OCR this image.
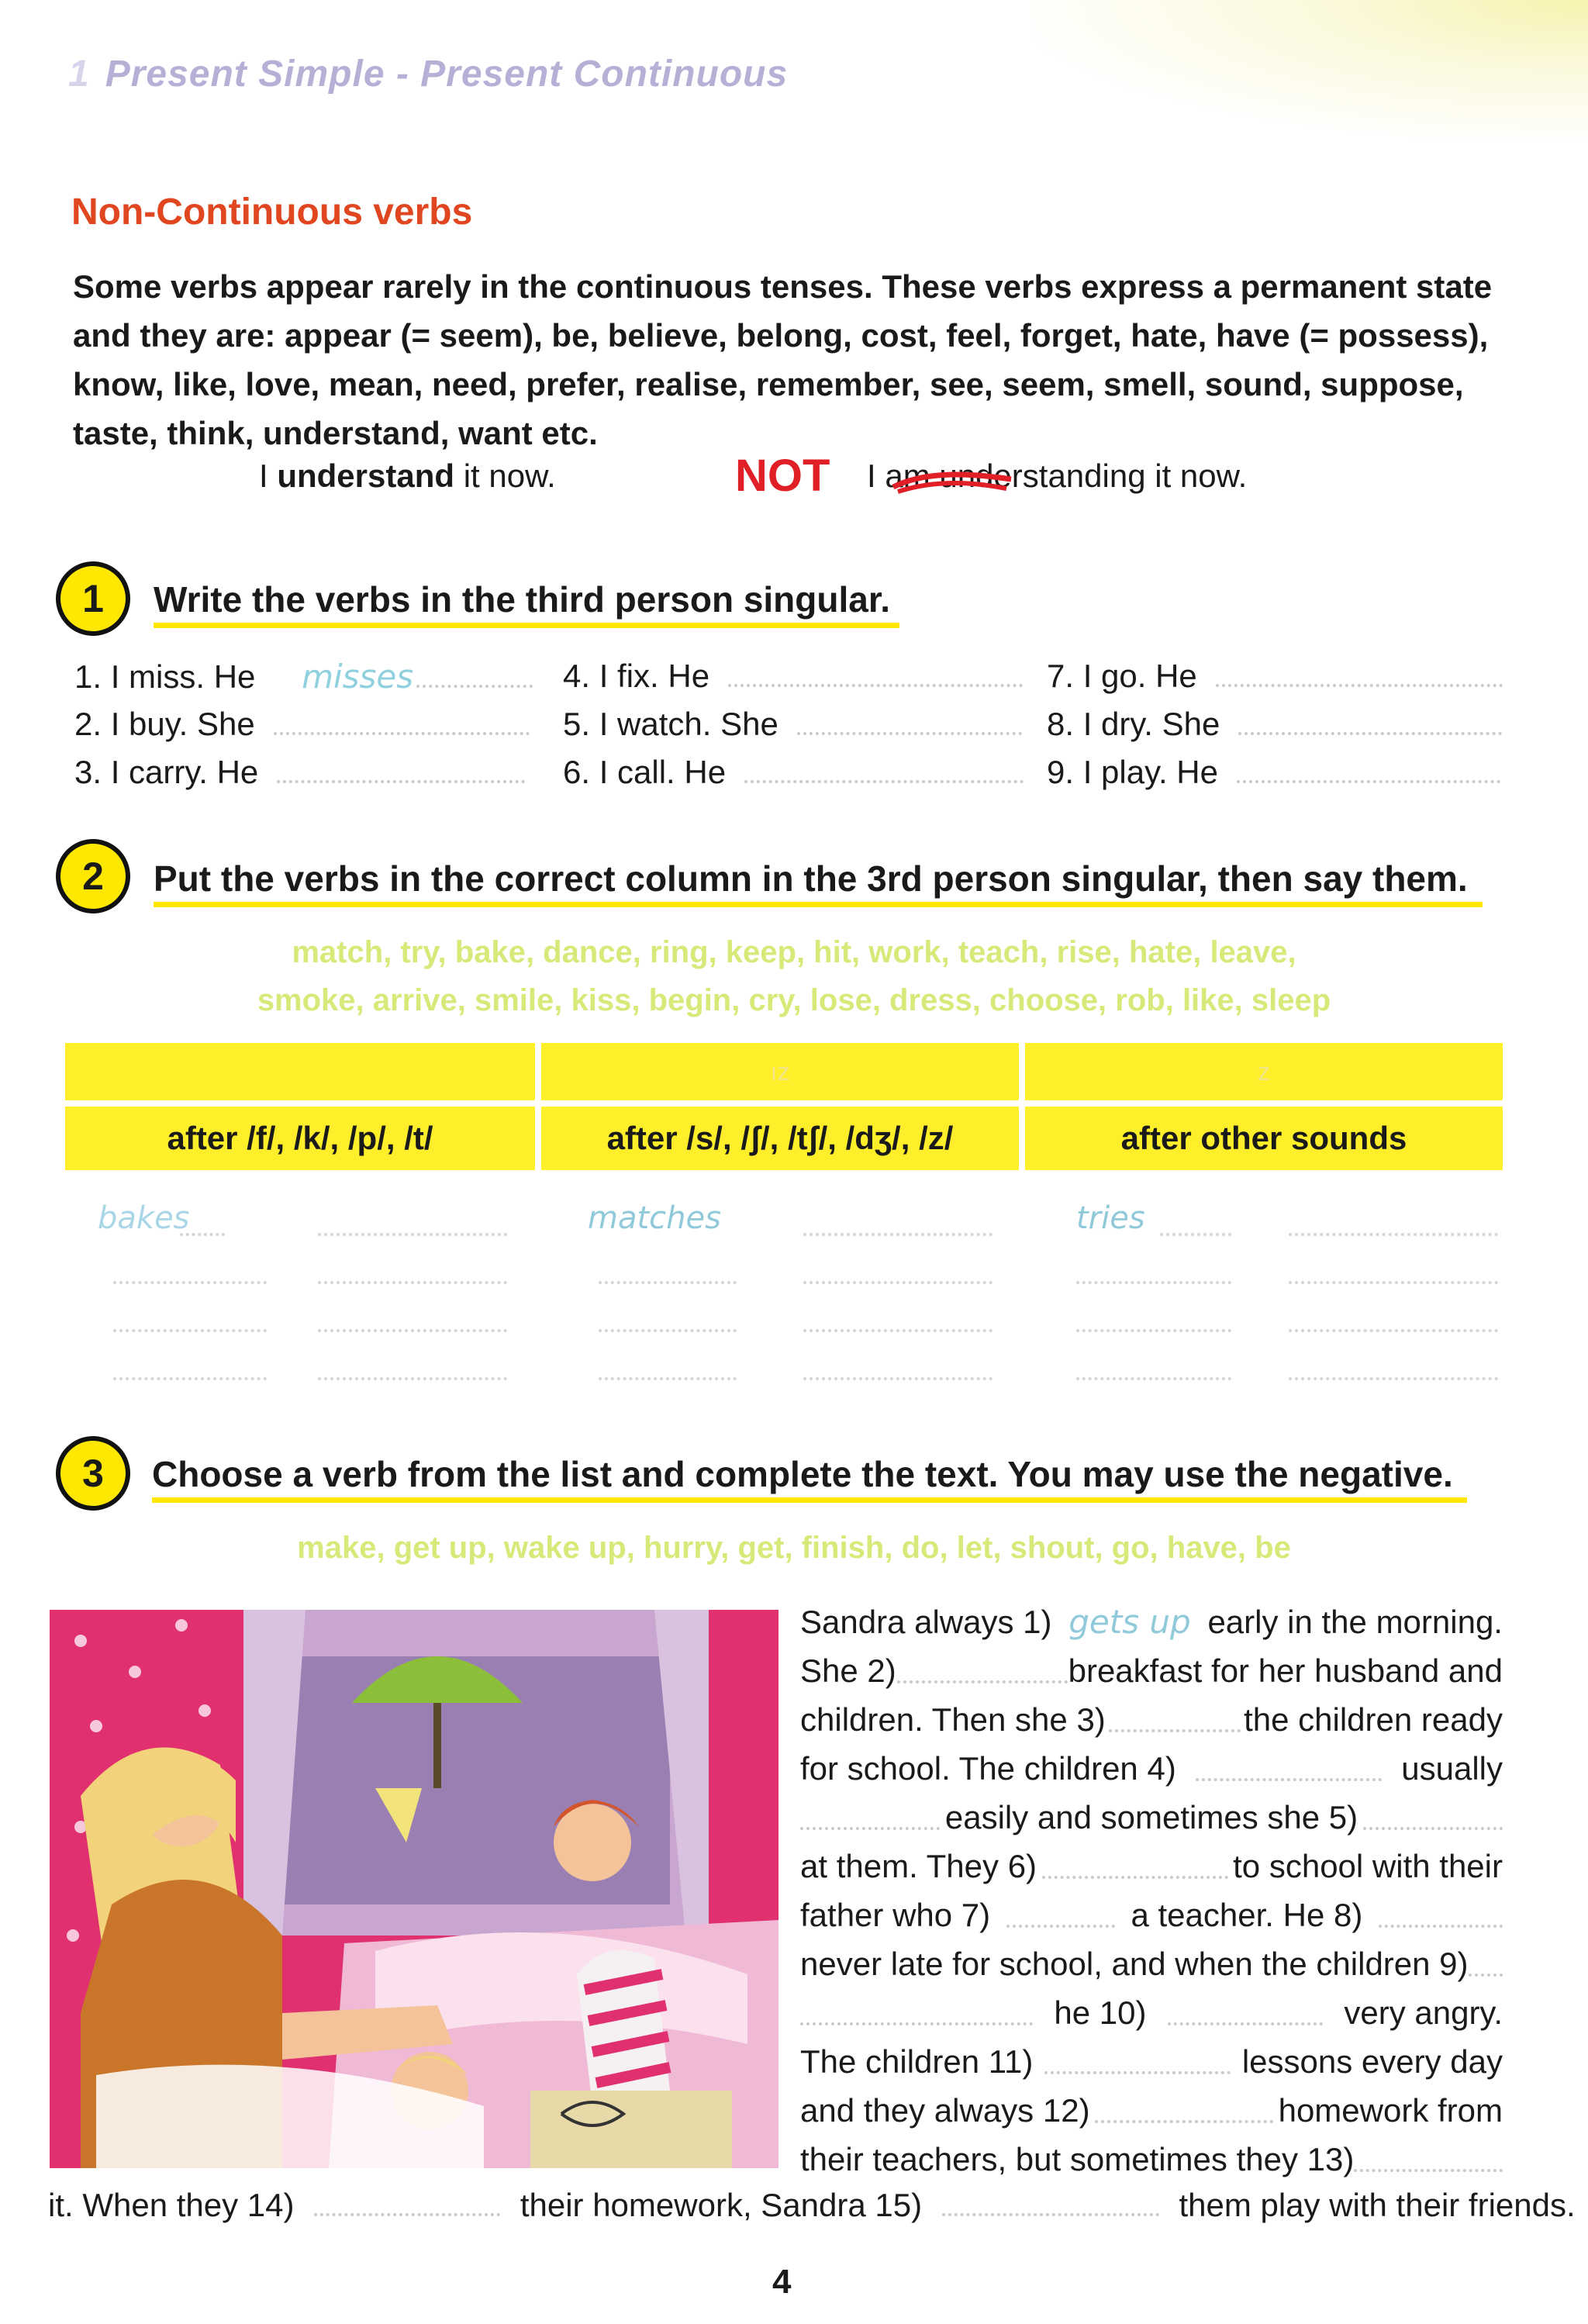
1 Present Simple - Present Continuous
Non-Continuous verbs
Some verbs appear rarely in the continuous tenses. These verbs express a permanent state and they are: appear (= seem), be, believe, belong, cost, feel, forget, hate, have (= possess), know, like, love, mean, need, prefer, realise, remember, see, seem, smell, sound, suppose, taste, think, understand, want etc.
I understand it now.	NOT I am understanding it now.
1 Write the verbs in the third person singular.
1. I miss. He misses
2. I buy. She
3. I carry. He
4. I fix. He
5. I watch. She
6. I call. He
7. I go. He
8. I dry. She
9. I play. He
2 Put the verbs in the correct column in the 3rd person singular, then say them.
match, try, bake, dance, ring, keep, hit, work, teach, rise, hate, leave,
smoke, arrive, smile, kiss, begin, cry, lose, dress, choose, rob, like, sleep
	ız	z

after /f/, /k/, /p/, /t/	after /s/, /ʃ/, /tʃ/, /dʒ/, /z/	after other sounds
bakes	matches	tries
3 Choose a verb from the list and complete the text. You may use the negative.
make, get up, wake up, hurry, get, finish, do, let, shout, go, have, be
Sandra always 1) gets up early in the morning.
She 2)	breakfast for her husband and
children. Then she 3)	the children ready
for school. The children 4)	usually
easily and sometimes she 5)
at them. They 6)	to school with their
father who 7)	a teacher. He 8)
never late for school, and when the children 9)
he 10)	very angry.
The children 11)	lessons every day
and they always 12)	homework from
their teachers, but sometimes they 13)
it. When they 14)	their homework, Sandra 15)	them play with their friends.
4
